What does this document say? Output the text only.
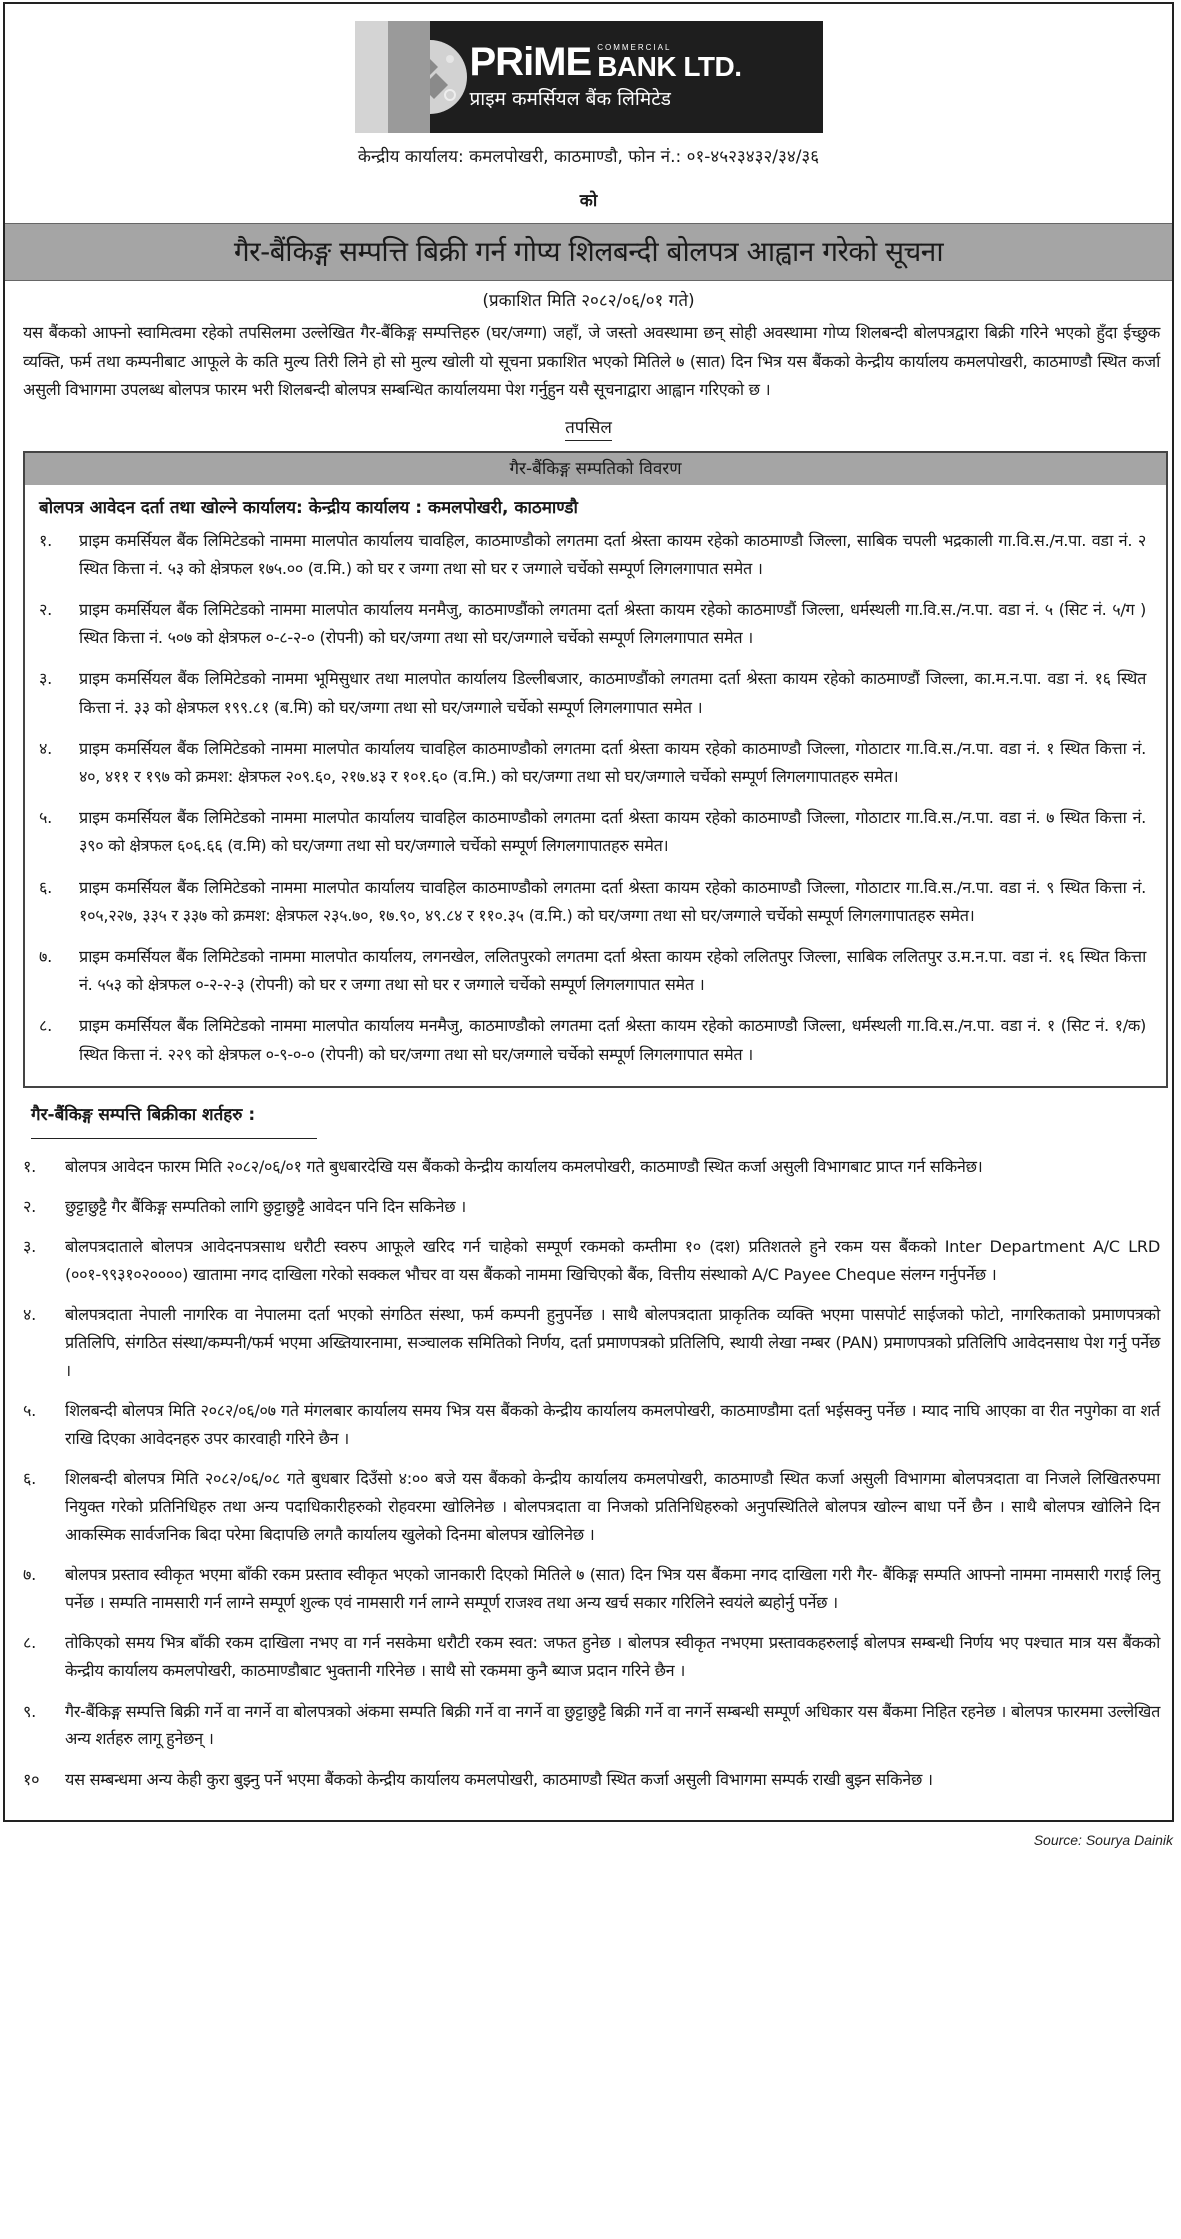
PRiME COMMERCIAL
BANK LTD.
प्राइम कमर्सियल बैंक लिमिटेड
केन्द्रीय कार्यालय: कमलपोखरी, काठमाण्डौ, फोन नं.: ०१-४५२३४३२/३४/३६
को
गैर-बैंकिङ्ग सम्पत्ति बिक्री गर्न गोप्य शिलबन्दी बोलपत्र आह्वान गरेको सूचना
(प्रकाशित मिति २०८२/०६/०१ गते)
यस बैंकको आफ्नो स्वामित्वमा रहेको तपसिलमा उल्लेखित गैर-बैंकिङ्ग सम्पत्तिहरु (घर/जग्गा) जहाँ, जे जस्तो अवस्थामा छन् सोही अवस्थामा गोप्य शिलबन्दी बोलपत्रद्वारा बिक्री गरिने भएको हुँदा ईच्छुक व्यक्ति, फर्म तथा कम्पनीबाट आफूले के कति मुल्य तिरी लिने हो सो मुल्य खोली यो सूचना प्रकाशित भएको मितिले ७ (सात) दिन भित्र यस बैंकको केन्द्रीय कार्यालय कमलपोखरी, काठमाण्डौ स्थित कर्जा असुली विभागमा उपलब्ध बोलपत्र फारम भरी शिलबन्दी बोलपत्र सम्बन्धित कार्यालयमा पेश गर्नुहुन यसै सूचनाद्वारा आह्वान गरिएको छ ।
तपसिल
गैर-बैंकिङ्ग सम्पतिको विवरण
बोलपत्र आवेदन दर्ता तथा खोल्ने कार्यालय: केन्द्रीय कार्यालय : कमलपोखरी, काठमाण्डौ
१.	प्राइम कमर्सियल बैंक लिमिटेडको नाममा मालपोत कार्यालय चावहिल, काठमाण्डौको लगतमा दर्ता श्रेस्ता कायम रहेको काठमाण्डौ जिल्ला, साबिक चपली भद्रकाली गा.वि.स./न.पा. वडा नं. २ स्थित कित्ता नं. ५३ को क्षेत्रफल १७५.०० (व.मि.) को घर र जग्गा तथा सो घर र जग्गाले चर्चेको सम्पूर्ण लिगलगापात समेत ।
२.	प्राइम कमर्सियल बैंक लिमिटेडको नाममा मालपोत कार्यालय मनमैजु, काठमाण्डौंको लगतमा दर्ता श्रेस्ता कायम रहेको काठमाण्डौं जिल्ला, धर्मस्थली गा.वि.स./न.पा. वडा नं. ५ (सिट नं. ५/ग ) स्थित कित्ता नं. ५०७ को क्षेत्रफल ०-८-२-० (रोपनी) को घर/जग्गा तथा सो घर/जग्गाले चर्चेको सम्पूर्ण लिगलगापात समेत ।
३.	प्राइम कमर्सियल बैंक लिमिटेडको नाममा भूमिसुधार तथा मालपोत कार्यालय डिल्लीबजार, काठमाण्डौंको लगतमा दर्ता श्रेस्ता कायम रहेको काठमाण्डौं जिल्ला, का.म.न.पा. वडा नं. १६ स्थित कित्ता नं. ३३ को क्षेत्रफल १९९.८१ (ब.मि) को घर/जग्गा तथा सो घर/जग्गाले चर्चेको सम्पूर्ण लिगलगापात समेत ।
४.	प्राइम कमर्सियल बैंक लिमिटेडको नाममा मालपोत कार्यालय चावहिल काठमाण्डौको लगतमा दर्ता श्रेस्ता कायम रहेको काठमाण्डौ जिल्ला, गोठाटार गा.वि.स./न.पा. वडा नं. १ स्थित कित्ता नं. ४०, ४११ र १९७ को क्रमश: क्षेत्रफल २०९.६०, २१७.४३ र १०१.६० (व.मि.) को घर/जग्गा तथा सो घर/जग्गाले चर्चेको सम्पूर्ण लिगलगापातहरु समेत।
५.	प्राइम कमर्सियल बैंक लिमिटेडको नाममा मालपोत कार्यालय चावहिल काठमाण्डौको लगतमा दर्ता श्रेस्ता कायम रहेको काठमाण्डौ जिल्ला, गोठाटार गा.वि.स./न.पा. वडा नं. ७ स्थित कित्ता नं. ३९० को क्षेत्रफल ६०६.६६ (व.मि) को घर/जग्गा तथा सो घर/जग्गाले चर्चेको सम्पूर्ण लिगलगापातहरु समेत।
६.	प्राइम कमर्सियल बैंक लिमिटेडको नाममा मालपोत कार्यालय चावहिल काठमाण्डौको लगतमा दर्ता श्रेस्ता कायम रहेको काठमाण्डौ जिल्ला, गोठाटार गा.वि.स./न.पा. वडा नं. ९ स्थित कित्ता नं. १०५,२२७, ३३५ र ३३७ को क्रमश: क्षेत्रफल २३५.७०, १७.९०, ४९.८४ र ११०.३५ (व.मि.) को घर/जग्गा तथा सो घर/जग्गाले चर्चेको सम्पूर्ण लिगलगापातहरु समेत।
७.	प्राइम कमर्सियल बैंक लिमिटेडको नाममा मालपोत कार्यालय, लगनखेल, ललितपुरको लगतमा दर्ता श्रेस्ता कायम रहेको ललितपुर जिल्ला, साबिक ललितपुर उ.म.न.पा. वडा नं. १६ स्थित कित्ता नं. ५५३ को क्षेत्रफल ०-२-२-३ (रोपनी) को घर र जग्गा तथा सो घर र जग्गाले चर्चेको सम्पूर्ण लिगलगापात समेत ।
८.	प्राइम कमर्सियल बैंक लिमिटेडको नाममा मालपोत कार्यालय मनमैजु, काठमाण्डौको लगतमा दर्ता श्रेस्ता कायम रहेको काठमाण्डौ जिल्ला, धर्मस्थली गा.वि.स./न.पा. वडा नं. १ (सिट नं. १/क) स्थित कित्ता नं. २२९ को क्षेत्रफल ०-९-०-० (रोपनी) को घर/जग्गा तथा सो घर/जग्गाले चर्चेको सम्पूर्ण लिगलगापात समेत ।
गैर-बैंकिङ्ग सम्पत्ति बिक्रीका शर्तहरु :
१.	बोलपत्र आवेदन फारम मिति २०८२/०६/०१ गते बुधबारदेखि यस बैंकको केन्द्रीय कार्यालय कमलपोखरी, काठमाण्डौ स्थित कर्जा असुली विभागबाट प्राप्त गर्न सकिनेछ।
२.	छुट्टाछुट्टै गैर बैंकिङ्ग सम्पतिको लागि छुट्टाछुट्टै आवेदन पनि दिन सकिनेछ ।
३.	बोलपत्रदाताले बोलपत्र आवेदनपत्रसाथ धरौटी स्वरुप आफूले खरिद गर्न चाहेको सम्पूर्ण रकमको कम्तीमा १० (दश) प्रतिशतले हुने रकम यस बैंकको Inter Department A/C LRD (००१-९९३१०२००००) खातामा नगद दाखिला गरेको सक्कल भौचर वा यस बैंकको नाममा खिचिएको बैंक, वित्तीय संस्थाको A/C Payee Cheque संलग्न गर्नुपर्नेछ ।
४.	बोलपत्रदाता नेपाली नागरिक वा नेपालमा दर्ता भएको संगठित संस्था, फर्म कम्पनी हुनुपर्नेछ । साथै बोलपत्रदाता प्राकृतिक व्यक्ति भएमा पासपोर्ट साईजको फोटो, नागरिकताको प्रमाणपत्रको प्रतिलिपि, संगठित संस्था/कम्पनी/फर्म भएमा अख्तियारनामा, सञ्चालक समितिको निर्णय, दर्ता प्रमाणपत्रको प्रतिलिपि, स्थायी लेखा नम्बर (PAN) प्रमाणपत्रको प्रतिलिपि आवेदनसाथ पेश गर्नु पर्नेछ ।
५.	शिलबन्दी बोलपत्र मिति २०८२/०६/०७ गते मंगलबार कार्यालय समय भित्र यस बैंकको केन्द्रीय कार्यालय कमलपोखरी, काठमाण्डौमा दर्ता भईसक्नु पर्नेछ । म्याद नाघि आएका वा रीत नपुगेका वा शर्त राखि दिएका आवेदनहरु उपर कारवाही गरिने छैन ।
६.	शिलबन्दी बोलपत्र मिति २०८२/०६/०८ गते बुधबार दिउँसो ४:०० बजे यस बैंकको केन्द्रीय कार्यालय कमलपोखरी, काठमाण्डौ स्थित कर्जा असुली विभागमा बोलपत्रदाता वा निजले लिखितरुपमा नियुक्त गरेको प्रतिनिधिहरु तथा अन्य पदाधिकारीहरुको रोहवरमा खोलिनेछ । बोलपत्रदाता वा निजको प्रतिनिधिहरुको अनुपस्थितिले बोलपत्र खोल्न बाधा पर्ने छैन । साथै बोलपत्र खोलिने दिन आकस्मिक सार्वजनिक बिदा परेमा बिदापछि लगतै कार्यालय खुलेको दिनमा बोलपत्र खोलिनेछ ।
७.	बोलपत्र प्रस्ताव स्वीकृत भएमा बाँकी रकम प्रस्ताव स्वीकृत भएको जानकारी दिएको मितिले ७ (सात) दिन भित्र यस बैंकमा नगद दाखिला गरी गैर- बैंकिङ्ग सम्पति आफ्नो नाममा नामसारी गराई लिनु पर्नेछ । सम्पति नामसारी गर्न लाग्ने सम्पूर्ण शुल्क एवं नामसारी गर्न लाग्ने सम्पूर्ण राजश्व तथा अन्य खर्च सकार गरिलिने स्वयंले ब्यहोर्नु पर्नेछ ।
८.	तोकिएको समय भित्र बाँकी रकम दाखिला नभए वा गर्न नसकेमा धरौटी रकम स्वत: जफत हुनेछ । बोलपत्र स्वीकृत नभएमा प्रस्तावकहरुलाई बोलपत्र सम्बन्धी निर्णय भए पश्चात मात्र यस बैंकको केन्द्रीय कार्यालय कमलपोखरी, काठमाण्डौबाट भुक्तानी गरिनेछ । साथै सो रकममा कुनै ब्याज प्रदान गरिने छैन ।
९.	गैर-बैंकिङ्ग सम्पत्ति बिक्री गर्ने वा नगर्ने वा बोलपत्रको अंकमा सम्पति बिक्री गर्ने वा नगर्ने वा छुट्टाछुट्टै बिक्री गर्ने वा नगर्ने सम्बन्धी सम्पूर्ण अधिकार यस बैंकमा निहित रहनेछ । बोलपत्र फारममा उल्लेखित अन्य शर्तहरु लागू हुनेछन् ।
१०	यस सम्बन्धमा अन्य केही कुरा बुझ्नु पर्ने भएमा बैंकको केन्द्रीय कार्यालय कमलपोखरी, काठमाण्डौ स्थित कर्जा असुली विभागमा सम्पर्क राखी बुझ्न सकिनेछ ।
Source: Sourya Dainik
